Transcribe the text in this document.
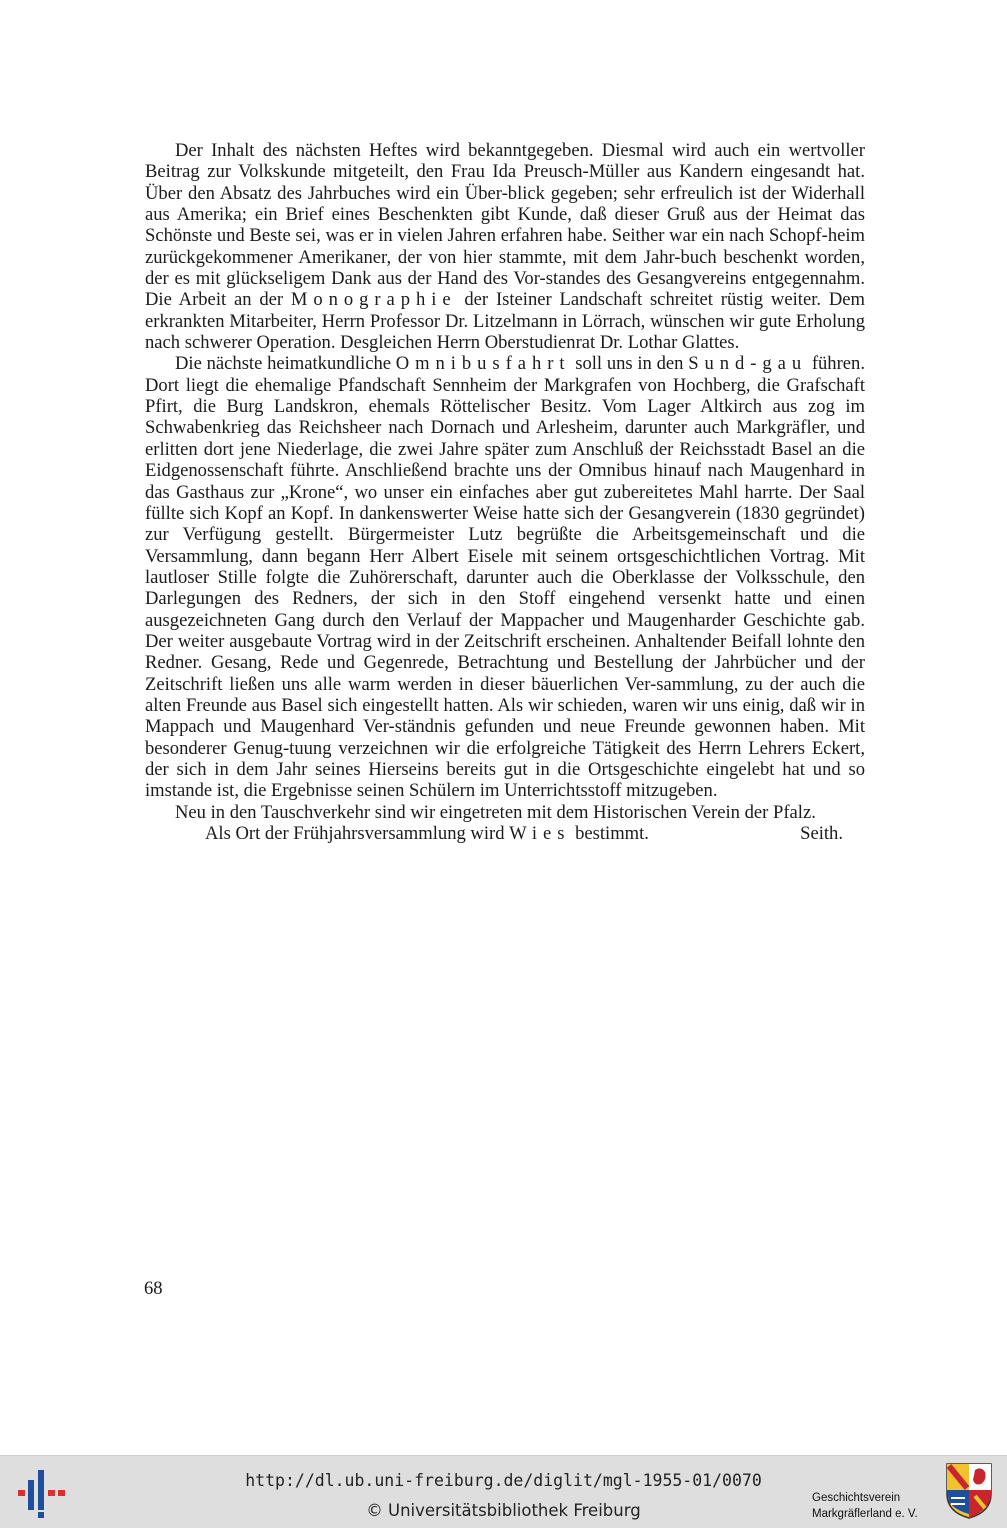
Der Inhalt des nächsten Heftes wird bekanntgegeben. Diesmal wird auch ein wertvoller Beitrag zur Volkskunde mitgeteilt, den Frau Ida Preusch-Müller aus Kandern eingesandt hat. Über den Absatz des Jahrbuches wird ein Über-blick gegeben; sehr erfreulich ist der Widerhall aus Amerika; ein Brief eines Beschenkten gibt Kunde, daß dieser Gruß aus der Heimat das Schönste und Beste sei, was er in vielen Jahren erfahren habe. Seither war ein nach Schopf-heim zurückgekommener Amerikaner, der von hier stammte, mit dem Jahr-buch beschenkt worden, der es mit glückseligem Dank aus der Hand des Vor-standes des Gesangvereins entgegennahm. Die Arbeit an der Monographie der Isteiner Landschaft schreitet rüstig weiter. Dem erkrankten Mitarbeiter, Herrn Professor Dr. Litzelmann in Lörrach, wünschen wir gute Erholung nach schwerer Operation. Desgleichen Herrn Oberstudienrat Dr. Lothar Glattes.

Die nächste heimatkundliche Omnibusfahrt soll uns in den Sund-gau führen. Dort liegt die ehemalige Pfandschaft Sennheim der Markgrafen von Hochberg, die Grafschaft Pfirt, die Burg Landskron, ehemals Röttelischer Besitz. Vom Lager Altkirch aus zog im Schwabenkrieg das Reichsheer nach Dornach und Arlesheim, darunter auch Markgräfler, und erlitten dort jene Niederlage, die zwei Jahre später zum Anschluß der Reichsstadt Basel an die Eidgenossenschaft führte. Anschließend brachte uns der Omnibus hinauf nach Maugenhard in das Gasthaus zur „Krone“, wo unser ein einfaches aber gut zubereitetes Mahl harrte. Der Saal füllte sich Kopf an Kopf. In dankenswerter Weise hatte sich der Gesangverein (1830 gegründet) zur Verfügung gestellt. Bürgermeister Lutz begrüßte die Arbeitsgemeinschaft und die Versammlung, dann begann Herr Albert Eisele mit seinem ortsgeschichtlichen Vortrag. Mit lautloser Stille folgte die Zuhörerschaft, darunter auch die Oberklasse der Volksschule, den Darlegungen des Redners, der sich in den Stoff eingehend versenkt hatte und einen ausgezeichneten Gang durch den Verlauf der Mappacher und Maugenharder Geschichte gab. Der weiter ausgebaute Vortrag wird in der Zeitschrift erscheinen. Anhaltender Beifall lohnte den Redner. Gesang, Rede und Gegenrede, Betrachtung und Bestellung der Jahrbücher und der Zeitschrift ließen uns alle warm werden in dieser bäuerlichen Ver-sammlung, zu der auch die alten Freunde aus Basel sich eingestellt hatten. Als wir schieden, waren wir uns einig, daß wir in Mappach und Maugenhard Ver-ständnis gefunden und neue Freunde gewonnen haben. Mit besonderer Genug-tuung verzeichnen wir die erfolgreiche Tätigkeit des Herrn Lehrers Eckert, der sich in dem Jahr seines Hierseins bereits gut in die Ortsgeschichte eingelebt hat und so imstande ist, die Ergebnisse seinen Schülern im Unterrichtsstoff mitzugeben.

Neu in den Tauschverkehr sind wir eingetreten mit dem Historischen Verein der Pfalz.

Als Ort der Frühjahrsversammlung wird Wies bestimmt.	Seith.

68
http://dl.ub.uni-freiburg.de/diglit/mgl-1955-01/0070
© Universitätsbibliothek Freiburg
Geschichtsverein
Markgräflerland e. V.
